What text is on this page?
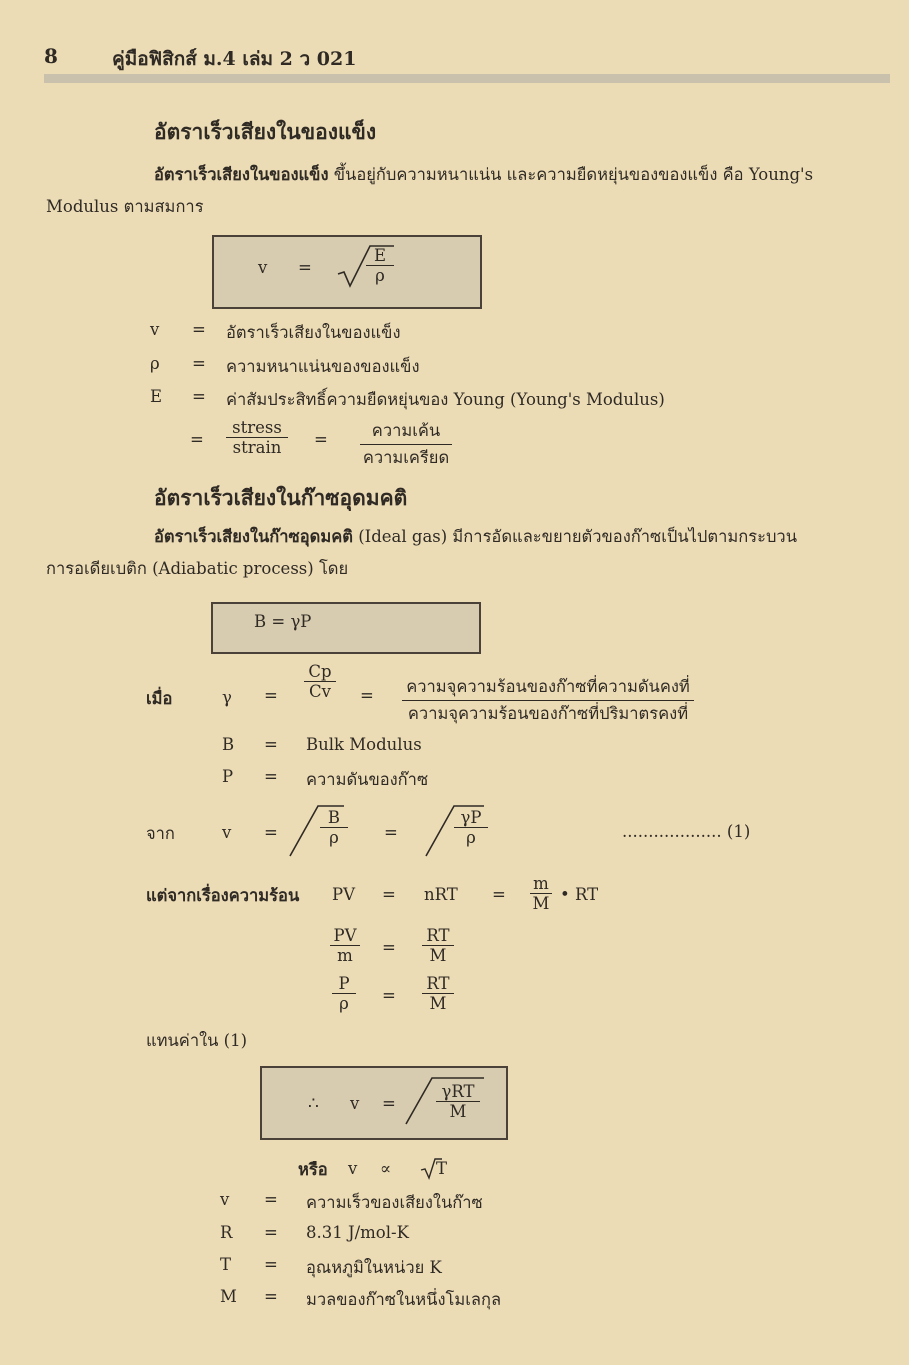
8	คู่มือฟิสิกส์ ม.4 เล่ม 2 ว 021
อัตราเร็วเสียงในของแข็ง
อัตราเร็วเสียงในของแข็ง ขึ้นอยู่กับความหนาแน่น และความยืดหยุ่นของของแข็ง คือ Young's
Modulus ตามสมการ
v =	$\frac{E}{\rho}$
v = อัตราเร็วเสียงในของแข็ง
ρ = ความหนาแน่นของของแข็ง
E = ค่าสัมประสิทธิ์ความยืดหยุ่นของ Young (Young's Modulus)
=
stress
strain	=	ความเค้น
ความเครียด
อัตราเร็วเสียงในก๊าซอุดมคติ
อัตราเร็วเสียงในก๊าซอุดมคติ (Ideal gas) มีการอัดและขยายตัวของก๊าซเป็นไปตามกระบวน
การอเดียเบติก (Adiabatic process) โดย
B = γP
เมื่อ	$\gamma = \frac{Cp}{Cv}$ = ความจุความร้อนของก๊าซที่ความดันคงที่
ความจุความร้อนของก๊าซที่ปริมาตรคงที่
B = Bulk Modulus
P = ความดันของก๊าซ
จาก	v =	$\frac{B}{\rho}$ =	$\frac{\gamma P}{\rho}$	................... (1)
แต่จากเรื่องความร้อน PV = nRT = $\frac{m}{M}$ • RT
$\frac{PV}{m} = \frac{RT}{M}$
$\frac{P}{\rho} = \frac{RT}{M}$
แทนค่าใน (1)
∴ v =
γRT
M
หรือ v ∝	T
v = ความเร็วของเสียงในก๊าซ
R = 8.31 J/mol-K
T = อุณหภูมิในหน่วย K
M = มวลของก๊าซในหนึ่งโมเลกุล
